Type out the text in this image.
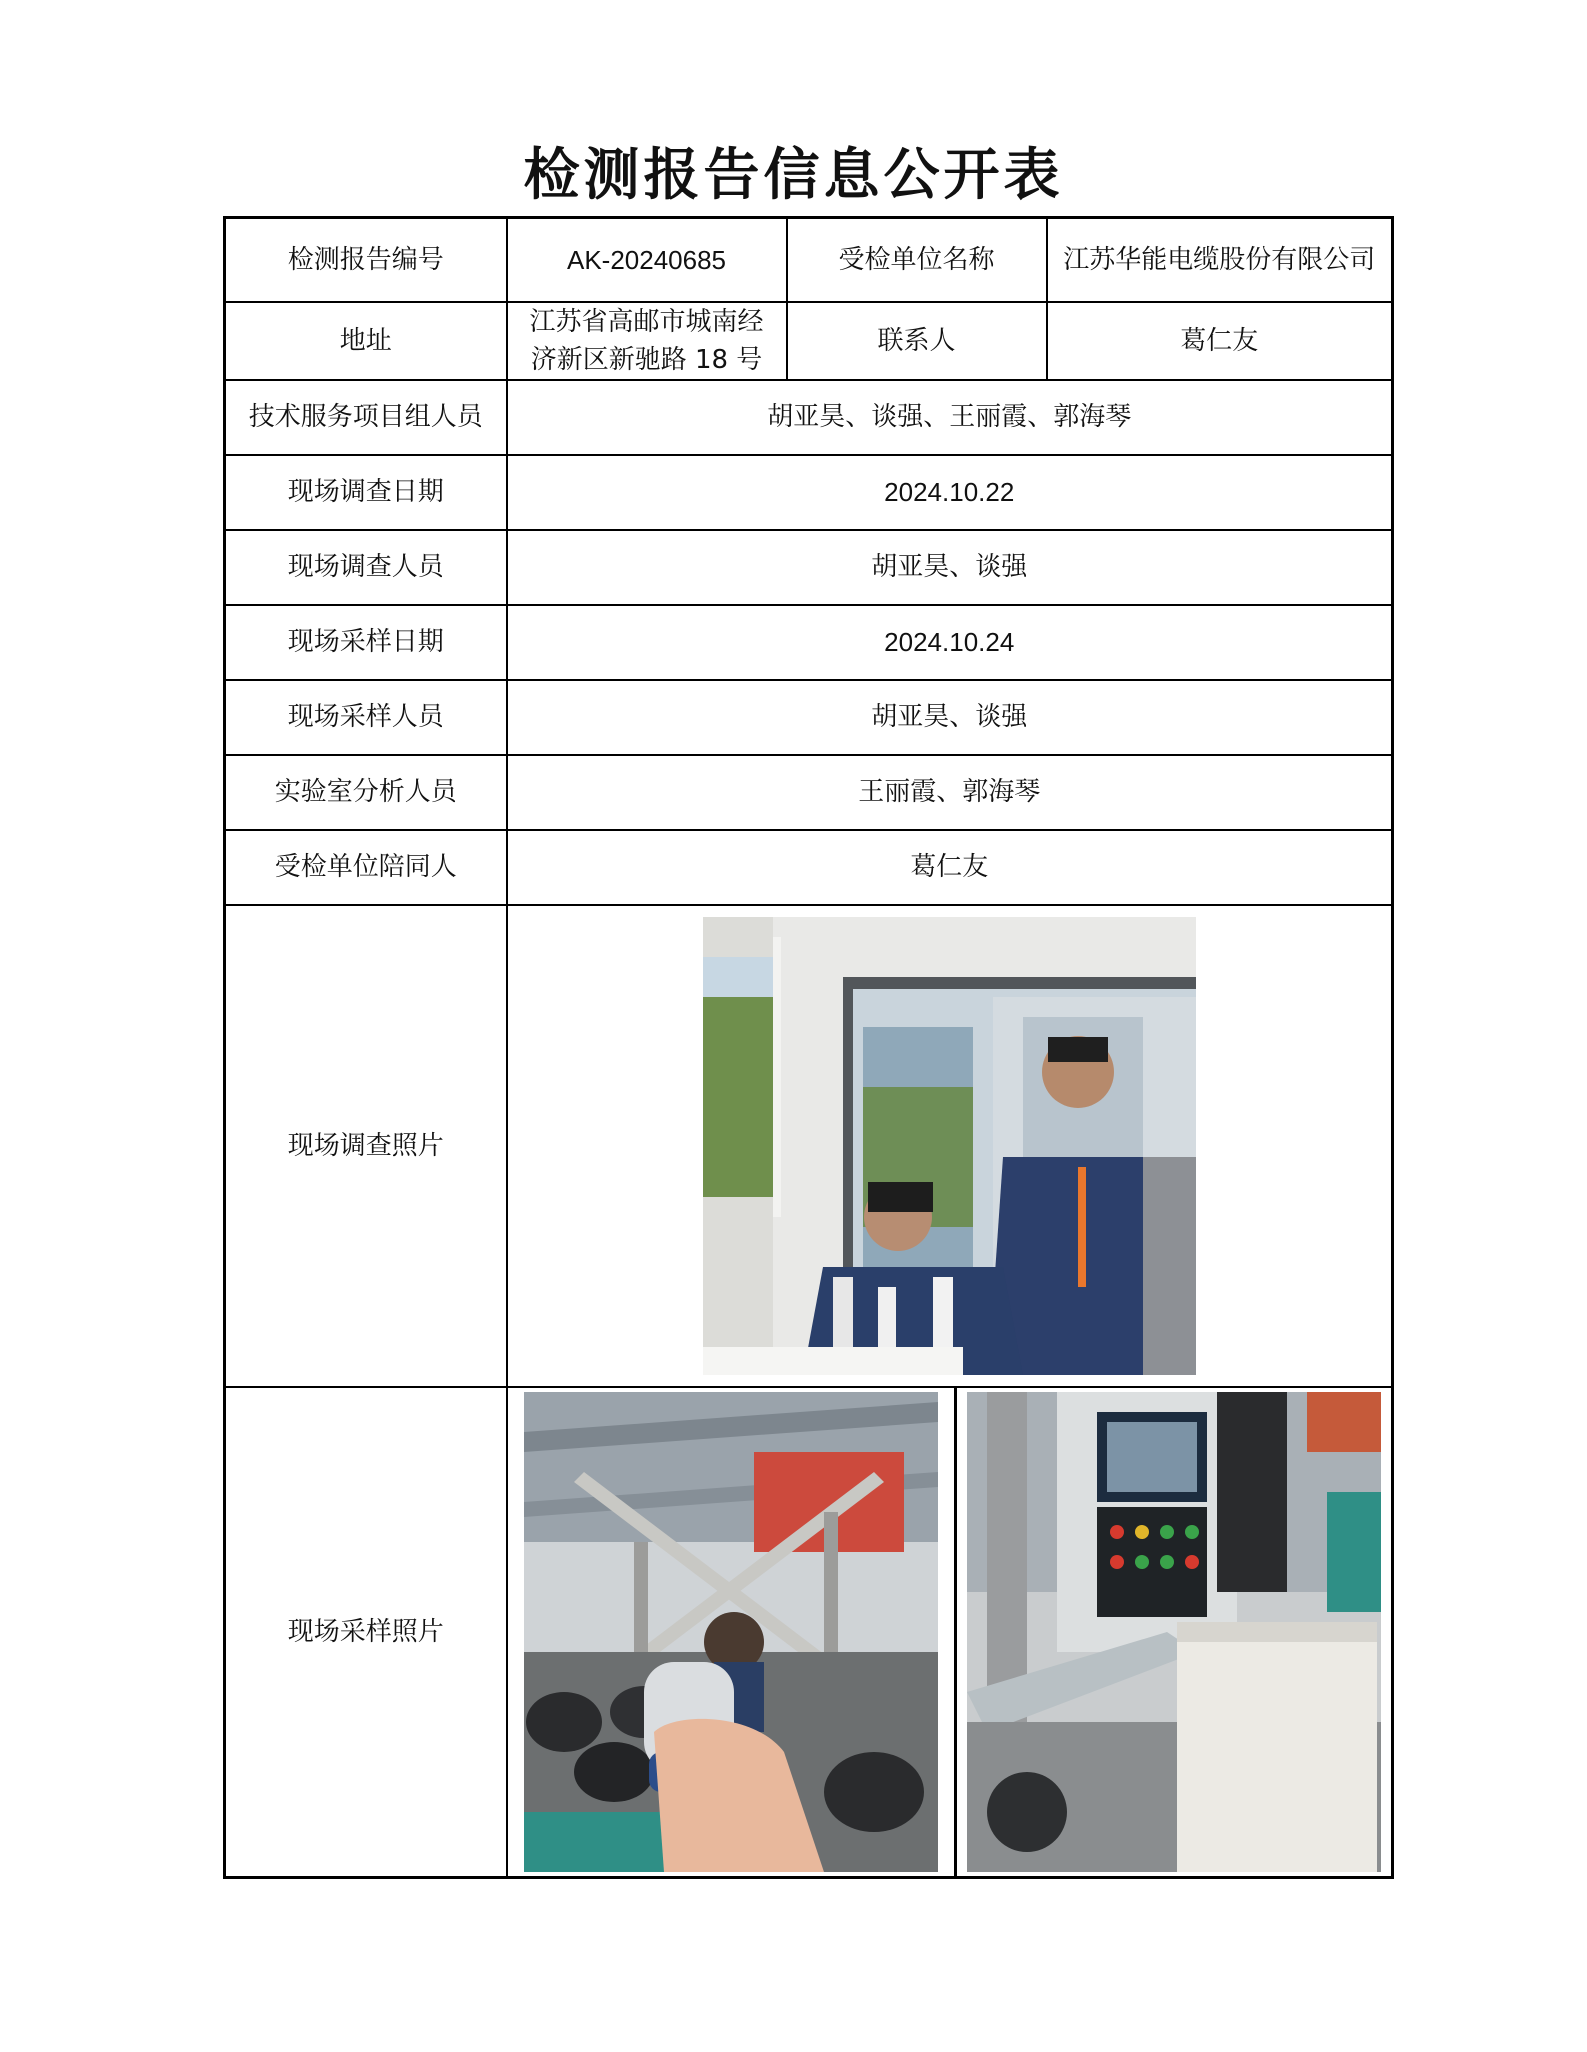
检测报告信息公开表
检测报告编号	AK-20240685	受检单位名称	江苏华能电缆股份有限公司
地址	江苏省高邮市城南经济新区新驰路 18 号	联系人	葛仁友
技术服务项目组人员	胡亚昊、谈强、王丽霞、郭海琴		
现场调查日期	2024.10.22		
现场调查人员	胡亚昊、谈强		
现场采样日期	2024.10.24		
现场采样人员	胡亚昊、谈强		
实验室分析人员	王丽霞、郭海琴		
受检单位陪同人	葛仁友		
现场调查照片	

现场采样照片	
